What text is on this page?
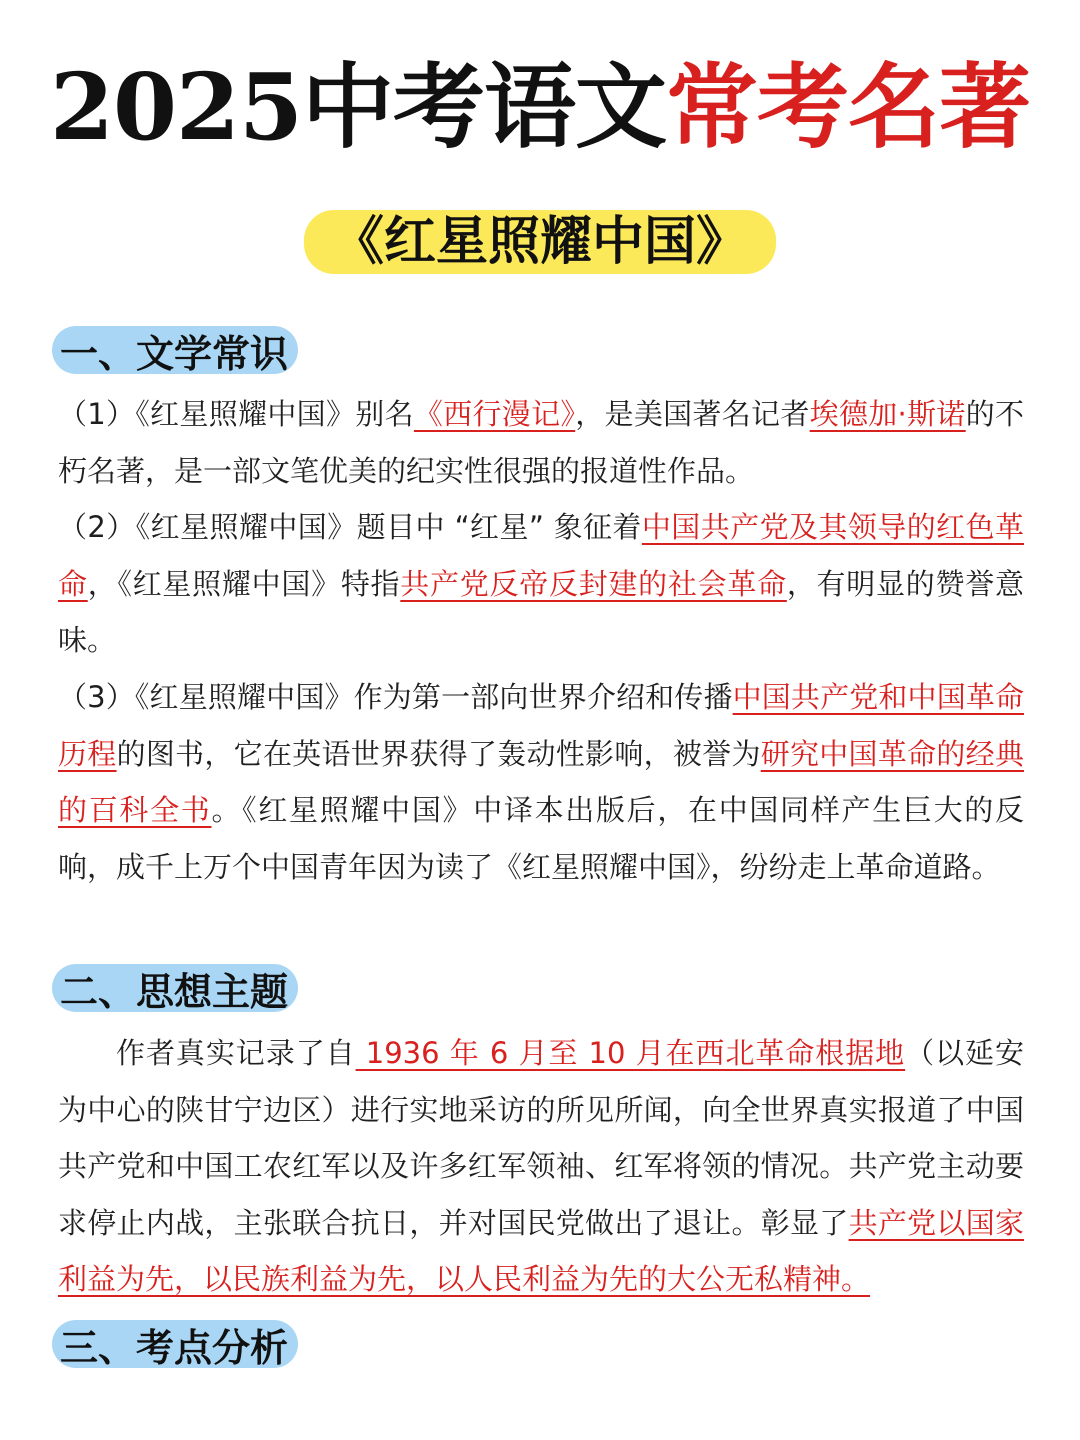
2025中考语文常考名著
《红星照耀中国》
一、文学常识

（1）《红星照耀中国》别名《西行漫记》，是美国著名记者埃德加·斯诺的不朽名著，是一部文笔优美的纪实性很强的报道性作品。

（2）《红星照耀中国》题目中 “红星” 象征着中国共产党及其领导的红色革命，《红星照耀中国》特指共产党反帝反封建的社会革命，有明显的赞誉意味。

（3）《红星照耀中国》作为第一部向世界介绍和传播中国共产党和中国革命历程的图书，它在英语世界获得了轰动性影响，被誉为研究中国革命的经典的百科全书。《红星照耀中国》中译本出版后，在中国同样产生巨大的反响，成千上万个中国青年因为读了《红星照耀中国》，纷纷走上革命道路。

二、思想主题

作者真实记录了自 1936 年 6 月至 10 月在西北革命根据地（以延安为中心的陕甘宁边区）进行实地采访的所见所闻，向全世界真实报道了中国共产党和中国工农红军以及许多红军领袖、红军将领的情况。共产党主动要求停止内战，主张联合抗日，并对国民党做出了退让。彰显了共产党以国家利益为先，以民族利益为先，以人民利益为先的大公无私精神。

三、考点分析
